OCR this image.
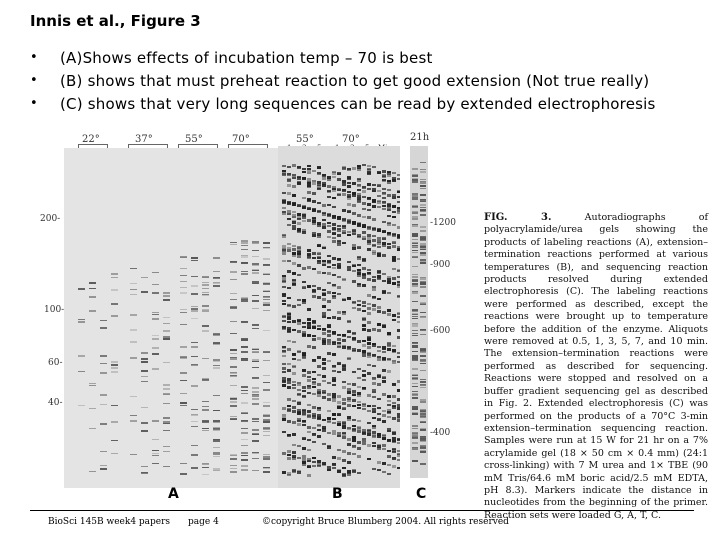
Innis et al., Figure 3
•	(A)Shows effects of incubation temp – 70 is best
•	(B) shows that must preheat reaction to get good extension (Not true really)
•	(C) shows that very long sequences can be read by extended electrophoresis
22°	37°	55°	70°
200-
100-
60-
40-
55°	70°	21h
-1200
-900
-600
-400
FIG. 3.	Autoradiographs of polyacrylamide/urea gels showing the products of labeling reactions (A), extension–termination reactions performed at various temperatures (B), and sequencing reaction products resolved during extended electrophoresis (C). The labeling reactions were performed as described, except the reactions were brought up to temperature before the addition of the enzyme. Aliquots were removed at 0.5, 1, 3, 5, 7, and 10 min. The extension–termination reactions were performed as described for sequencing. Reactions were stopped and resolved on a buffer gradient sequencing gel as described in Fig. 2. Extended electrophoresis (C) was performed on the products of a 70°C 3-min extension–termination sequencing reaction. Samples were run at 15 W for 21 hr on a 7% acrylamide gel (18 × 50 cm × 0.4 mm) (24:1 cross-linking) with 7 M urea and 1× TBE (90 mM Tris/64.6 mM boric acid/2.5 mM EDTA, pH 8.3). Markers indicate the distance in nucleotides from the beginning of the primer. Reaction sets were loaded G, A, T, C.
A	B	C
BioSci 145B week4 papers page 4	©copyright Bruce Blumberg 2004. All rights reserved
